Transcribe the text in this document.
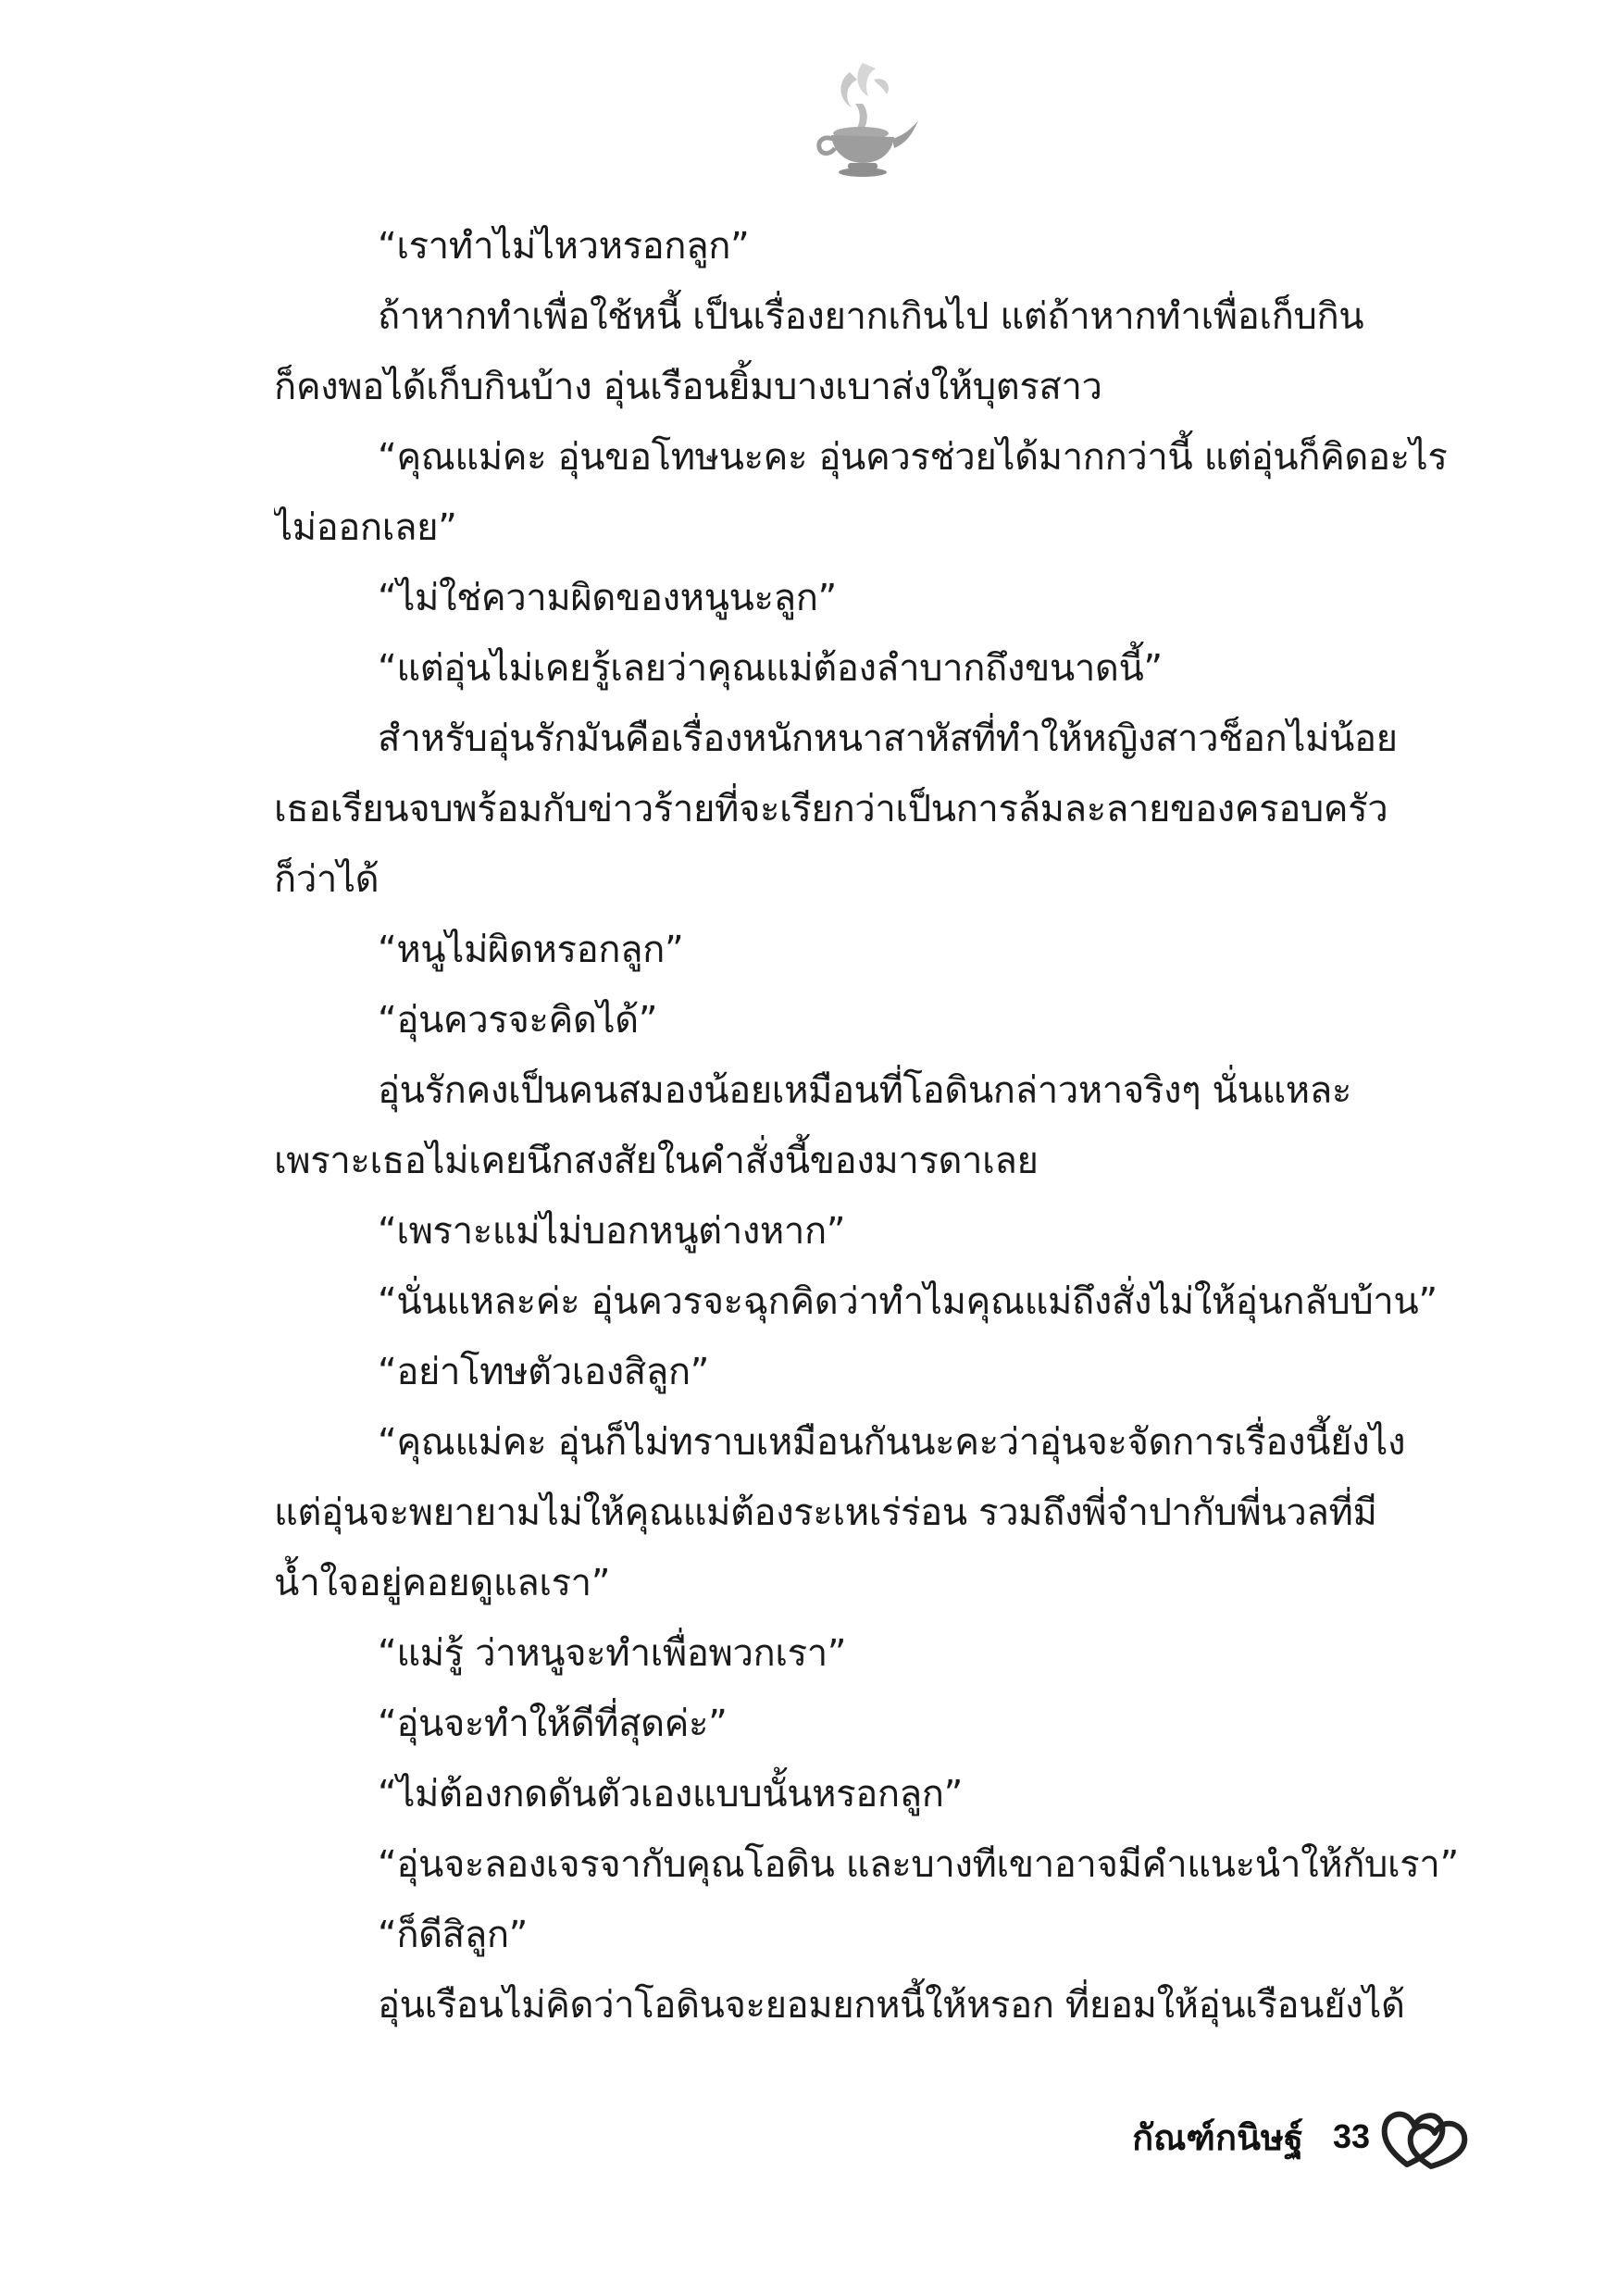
“เราทำไม่ไหวหรอกลูก”
ถ้าหากทำเพื่อใช้หนี้ เป็นเรื่องยากเกินไป แต่ถ้าหากทำเพื่อเก็บกิน
ก็คงพอได้เก็บกินบ้าง อุ่นเรือนยิ้มบางเบาส่งให้บุตรสาว
“คุณแม่คะ อุ่นขอโทษนะคะ อุ่นควรช่วยได้มากกว่านี้ แต่อุ่นก็คิดอะไร
ไม่ออกเลย”
“ไม่ใช่ความผิดของหนูนะลูก”
“แต่อุ่นไม่เคยรู้เลยว่าคุณแม่ต้องลำบากถึงขนาดนี้”
สำหรับอุ่นรักมันคือเรื่องหนักหนาสาหัสที่ทำให้หญิงสาวช็อกไม่น้อย
เธอเรียนจบพร้อมกับข่าวร้ายที่จะเรียกว่าเป็นการล้มละลายของครอบครัว
ก็ว่าได้
“หนูไม่ผิดหรอกลูก”
“อุ่นควรจะคิดได้”
อุ่นรักคงเป็นคนสมองน้อยเหมือนที่โอดินกล่าวหาจริงๆ นั่นแหละ
เพราะเธอไม่เคยนึกสงสัยในคำสั่งนี้ของมารดาเลย
“เพราะแม่ไม่บอกหนูต่างหาก”
“นั่นแหละค่ะ อุ่นควรจะฉุกคิดว่าทำไมคุณแม่ถึงสั่งไม่ให้อุ่นกลับบ้าน”
“อย่าโทษตัวเองสิลูก”
“คุณแม่คะ อุ่นก็ไม่ทราบเหมือนกันนะคะว่าอุ่นจะจัดการเรื่องนี้ยังไง
แต่อุ่นจะพยายามไม่ให้คุณแม่ต้องระเหเร่ร่อน รวมถึงพี่จำปากับพี่นวลที่มี
น้ำใจอยู่คอยดูแลเรา”
“แม่รู้ ว่าหนูจะทำเพื่อพวกเรา”
“อุ่นจะทำให้ดีที่สุดค่ะ”
“ไม่ต้องกดดันตัวเองแบบนั้นหรอกลูก”
“อุ่นจะลองเจรจากับคุณโอดิน และบางทีเขาอาจมีคำแนะนำให้กับเรา”
“ก็ดีสิลูก”
อุ่นเรือนไม่คิดว่าโอดินจะยอมยกหนี้ให้หรอก ที่ยอมให้อุ่นเรือนยังได้
กัณฑ์กนิษฐ์ 33
